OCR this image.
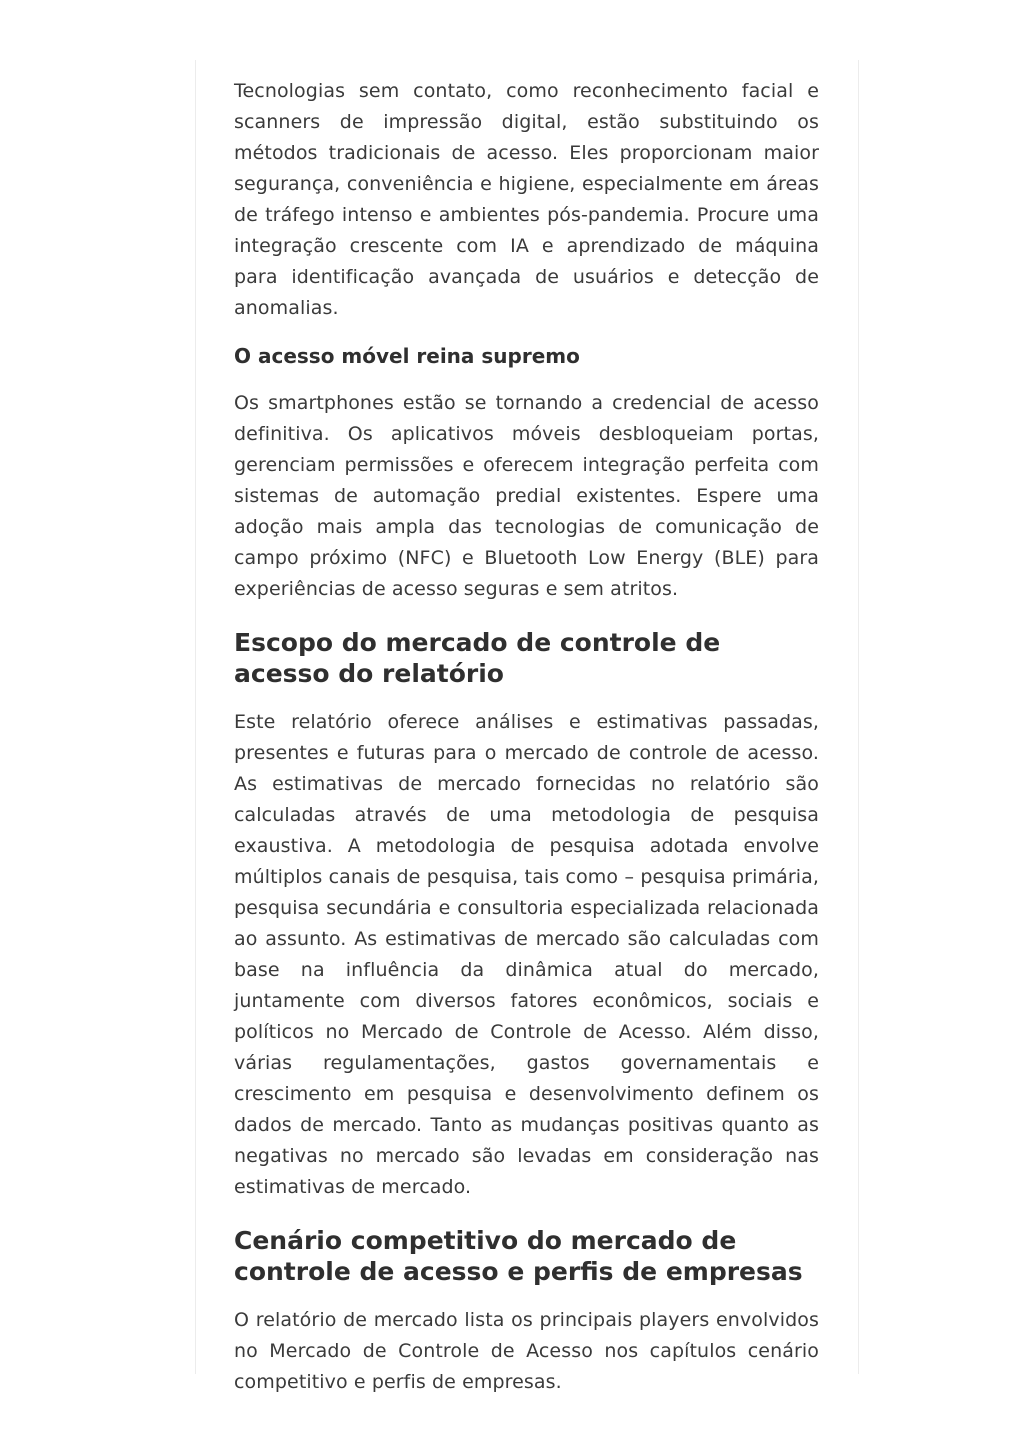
Tecnologias sem contato, como reconhecimento facial e scanners de impressão digital, estão substituindo os métodos tradicionais de acesso. Eles proporcionam maior segurança, conveniência e higiene, especialmente em áreas de tráfego intenso e ambientes pós-pandemia. Procure uma integração crescente com IA e aprendizado de máquina para identificação avançada de usuários e detecção de anomalias.

O acesso móvel reina supremo

Os smartphones estão se tornando a credencial de acesso definitiva. Os aplicativos móveis desbloqueiam portas, gerenciam permissões e oferecem integração perfeita com sistemas de automação predial existentes. Espere uma adoção mais ampla das tecnologias de comunicação de campo próximo (NFC) e Bluetooth Low Energy (BLE) para experiências de acesso seguras e sem atritos.

Escopo do mercado de controle de acesso do relatório

Este relatório oferece análises e estimativas passadas, presentes e futuras para o mercado de controle de acesso. As estimativas de mercado fornecidas no relatório são calculadas através de uma metodologia de pesquisa exaustiva. A metodologia de pesquisa adotada envolve múltiplos canais de pesquisa, tais como – pesquisa primária, pesquisa secundária e consultoria especializada relacionada ao assunto. As estimativas de mercado são calculadas com base na influência da dinâmica atual do mercado, juntamente com diversos fatores econômicos, sociais e políticos no Mercado de Controle de Acesso. Além disso, várias regulamentações, gastos governamentais e crescimento em pesquisa e desenvolvimento definem os dados de mercado. Tanto as mudanças positivas quanto as negativas no mercado são levadas em consideração nas estimativas de mercado.

Cenário competitivo do mercado de controle de acesso e perfis de empresas

O relatório de mercado lista os principais players envolvidos no Mercado de Controle de Acesso nos capítulos cenário competitivo e perfis de empresas.
